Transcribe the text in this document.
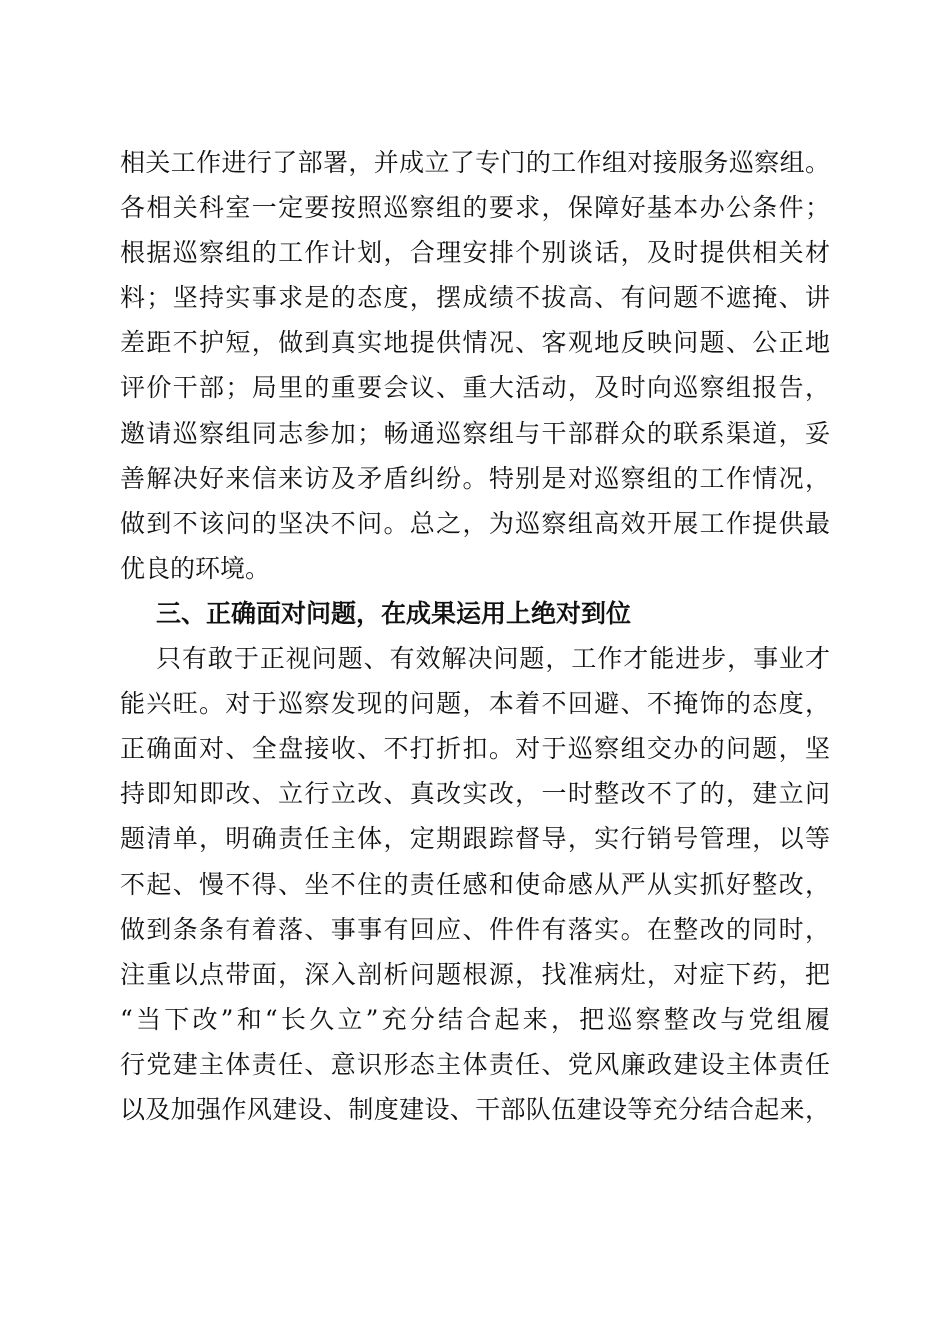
相关工作进行了部署，并成立了专门的工作组对接服务巡察组。
各相关科室一定要按照巡察组的要求，保障好基本办公条件；
根据巡察组的工作计划，合理安排个别谈话，及时提供相关材
料；坚持实事求是的态度，摆成绩不拔高、有问题不遮掩、讲
差距不护短，做到真实地提供情况、客观地反映问题、公正地
评价干部；局里的重要会议、重大活动，及时向巡察组报告，
邀请巡察组同志参加；畅通巡察组与干部群众的联系渠道，妥
善解决好来信来访及矛盾纠纷。特别是对巡察组的工作情况，
做到不该问的坚决不问。总之，为巡察组高效开展工作提供最
优良的环境。
三、正确面对问题，在成果运用上绝对到位
只有敢于正视问题、有效解决问题，工作才能进步，事业才
能兴旺。对于巡察发现的问题，本着不回避、不掩饰的态度，
正确面对、全盘接收、不打折扣。对于巡察组交办的问题，坚
持即知即改、立行立改、真改实改，一时整改不了的，建立问
题清单，明确责任主体，定期跟踪督导，实行销号管理，以等
不起、慢不得、坐不住的责任感和使命感从严从实抓好整改，
做到条条有着落、事事有回应、件件有落实。在整改的同时，
注重以点带面，深入剖析问题根源，找准病灶，对症下药，把
“当下改”和“长久立”充分结合起来，把巡察整改与党组履
行党建主体责任、意识形态主体责任、党风廉政建设主体责任
以及加强作风建设、制度建设、干部队伍建设等充分结合起来，
